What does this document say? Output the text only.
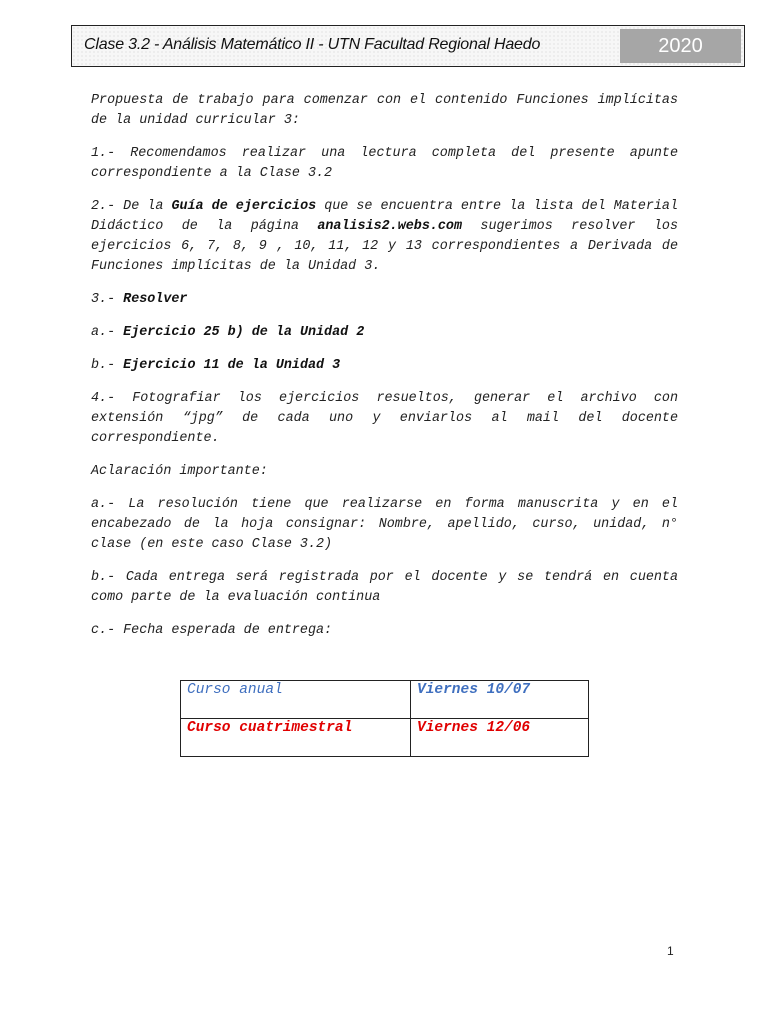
Clase 3.2 - Análisis Matemático II - UTN Facultad Regional Haedo	2020

Propuesta de trabajo para comenzar con el contenido Funciones implícitas de la unidad curricular 3:

1.- Recomendamos realizar una lectura completa del presente apunte correspondiente a la Clase 3.2

2.- De la Guía de ejercicios que se encuentra entre la lista del Material Didáctico de la página analisis2.webs.com sugerimos resolver los ejercicios 6, 7, 8, 9 , 10, 11, 12 y 13 correspondientes a Derivada de Funciones implícitas de la Unidad 3.

3.- Resolver

a.- Ejercicio 25 b) de la Unidad 2

b.- Ejercicio 11 de la Unidad 3

4.- Fotografiar los ejercicios resueltos, generar el archivo con extensión “jpg” de cada uno y enviarlos al mail del docente correspondiente.

Aclaración importante:

a.- La resolución tiene que realizarse en forma manuscrita y en el encabezado de la hoja consignar: Nombre, apellido, curso, unidad, n° clase (en este caso Clase 3.2)

b.- Cada entrega será registrada por el docente y se tendrá en cuenta como parte de la evaluación continua

c.- Fecha esperada de entrega:

Curso anual	Viernes 10/07
Curso cuatrimestral	Viernes 12/06
1
